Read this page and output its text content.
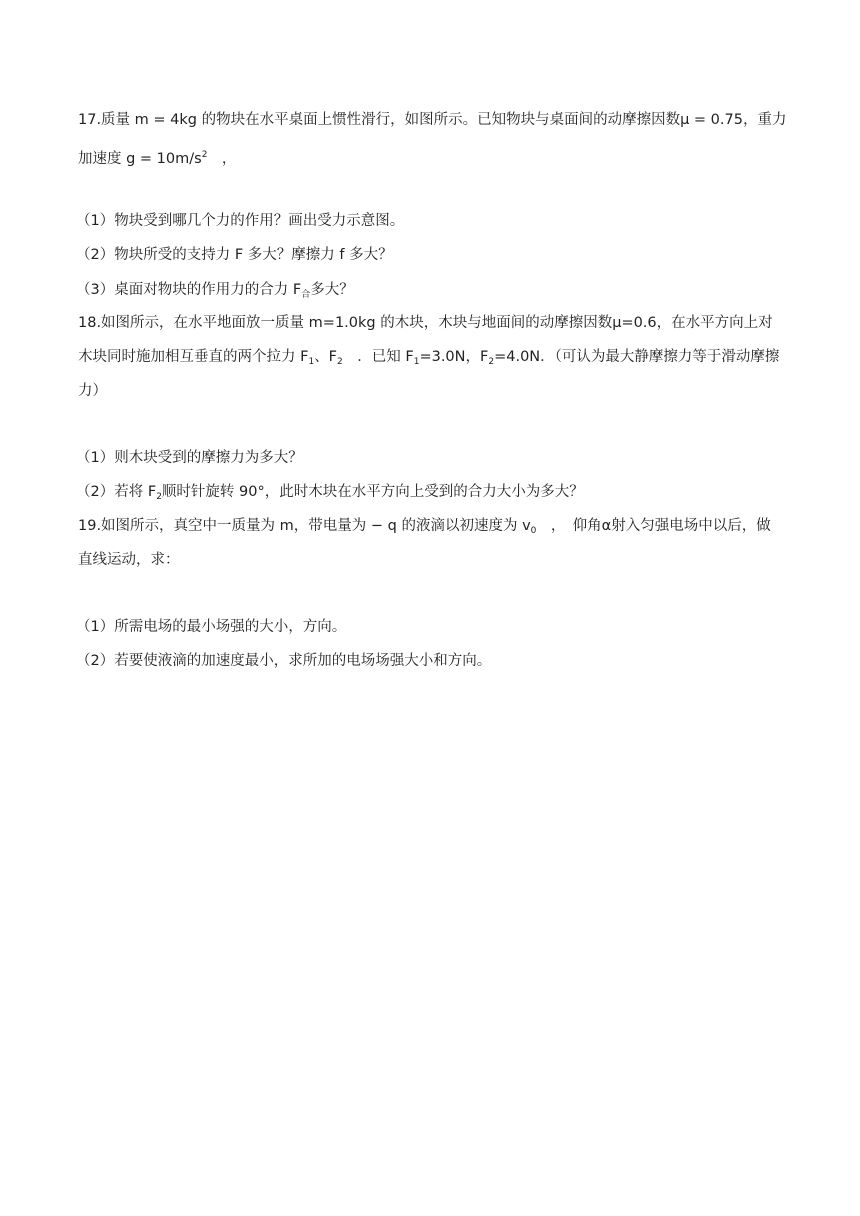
17.质量 m = 4kg 的物块在水平桌面上惯性滑行，如图所示。已知物块与桌面间的动摩擦因数μ = 0.75，重力
加速度 $g = 10m/s^2$　，
（1）物块受到哪几个力的作用？画出受力示意图。
（2）物块所受的支持力 F 多大？摩擦力 f 多大？
（3）桌面对物块的作用力的合力 $F_合$多大？
18.如图所示，在水平地面放一质量 m=1.0kg 的木块，木块与地面间的动摩擦因数μ=0.6，在水平方向上对
木块同时施加相互垂直的两个拉力 $F_1$、$F_2$　．已知 $F_1=3.0N$，$F_2=4.0N$．（可认为最大静摩擦力等于滑动摩擦
力）
（1）则木块受到的摩擦力为多大？
（2）若将 $F_2$顺时针旋转 90°，此时木块在水平方向上受到的合力大小为多大？
19.如图所示，真空中一质量为 m，带电量为 − q 的液滴以初速度为 $v_0$　，　仰角α射入匀强电场中以后，做
直线运动，求：
（1）所需电场的最小场强的大小，方向。
（2）若要使液滴的加速度最小，求所加的电场场强大小和方向。
